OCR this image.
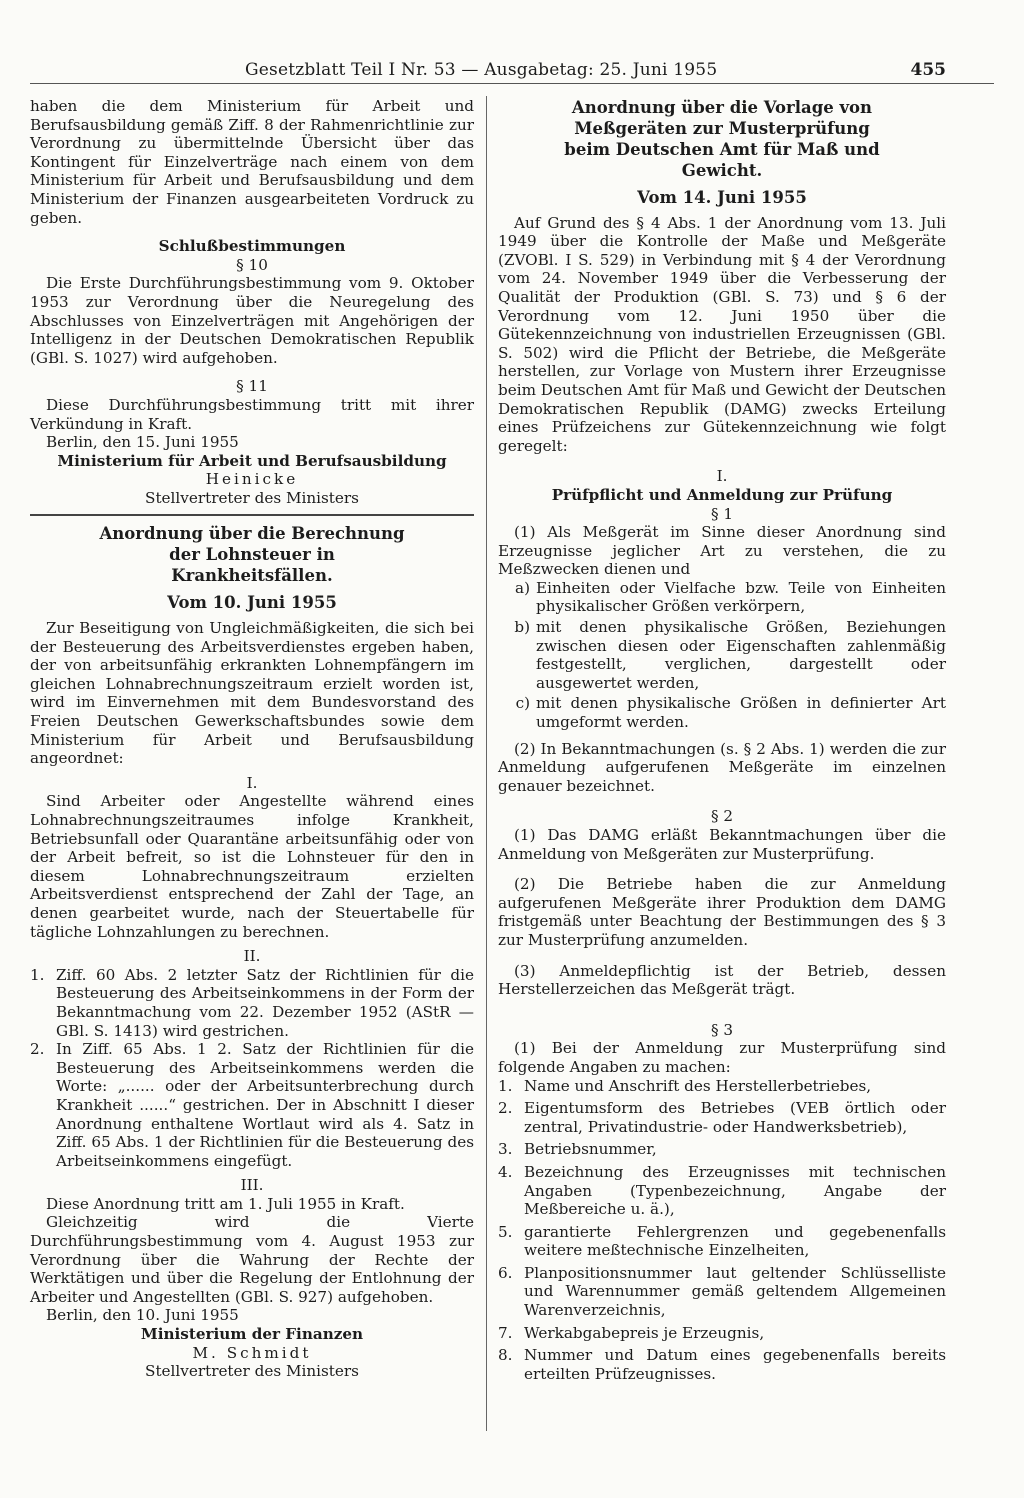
Gesetzblatt Teil I Nr. 53 — Ausgabetag: 25. Juni 1955	455

haben die dem Ministerium für Arbeit und Berufsausbildung gemäß Ziff. 8 der Rahmenrichtlinie zur Verordnung zu übermittelnde Übersicht über das Kontingent für Einzelverträge nach einem von dem Ministerium für Arbeit und Berufsausbildung und dem Ministerium der Finanzen ausgearbeiteten Vordruck zu geben.

Schlußbestimmungen
§ 10

Die Erste Durchführungsbestimmung vom 9. Oktober 1953 zur Verordnung über die Neuregelung des Abschlusses von Einzelverträgen mit Angehörigen der Intelligenz in der Deutschen Demokratischen Republik (GBl. S. 1027) wird aufgehoben.

§ 11

Diese Durchführungsbestimmung tritt mit ihrer Verkündung in Kraft.

Berlin, den 15. Juni 1955

Ministerium für Arbeit und Berufsausbildung
Heinicke
Stellvertreter des Ministers
Anordnung über die Berechnung der Lohnsteuer in Krankheitsfällen.
Vom 10. Juni 1955

Zur Beseitigung von Ungleichmäßigkeiten, die sich bei der Besteuerung des Arbeitsverdienstes ergeben haben, der von arbeitsunfähig erkrankten Lohnempfängern im gleichen Lohnabrechnungszeitraum erzielt worden ist, wird im Einvernehmen mit dem Bundesvorstand des Freien Deutschen Gewerkschaftsbundes sowie dem Ministerium für Arbeit und Berufsausbildung angeordnet:

I.

Sind Arbeiter oder Angestellte während eines Lohnabrechnungszeitraumes infolge Krankheit, Betriebsunfall oder Quarantäne arbeitsunfähig oder von der Arbeit befreit, so ist die Lohnsteuer für den in diesem Lohnabrechnungszeitraum erzielten Arbeitsverdienst entsprechend der Zahl der Tage, an denen gearbeitet wurde, nach der Steuertabelle für tägliche Lohnzahlungen zu berechnen.

II.
1. Ziff. 60 Abs. 2 letzter Satz der Richtlinien für die Besteuerung des Arbeitseinkommens in der Form der Bekanntmachung vom 22. Dezember 1952 (AStR — GBl. S. 1413) wird gestrichen.
2. In Ziff. 65 Abs. 1 2. Satz der Richtlinien für die Besteuerung des Arbeitseinkommens werden die Worte: „...... oder der Arbeitsunterbrechung durch Krankheit ......“ gestrichen. Der in Abschnitt I dieser Anordnung enthaltene Wortlaut wird als 4. Satz in Ziff. 65 Abs. 1 der Richtlinien für die Besteuerung des Arbeitseinkommens eingefügt.
III.

Diese Anordnung tritt am 1. Juli 1955 in Kraft.

Gleichzeitig wird die Vierte Durchführungsbestimmung vom 4. August 1953 zur Verordnung über die Wahrung der Rechte der Werktätigen und über die Regelung der Entlohnung der Arbeiter und Angestellten (GBl. S. 927) aufgehoben.

Berlin, den 10. Juni 1955

Ministerium der Finanzen
M. Schmidt
Stellvertreter des Ministers
Anordnung über die Vorlage von Meßgeräten zur Musterprüfung beim Deutschen Amt für Maß und Gewicht.
Vom 14. Juni 1955

Auf Grund des § 4 Abs. 1 der Anordnung vom 13. Juli 1949 über die Kontrolle der Maße und Meßgeräte (ZVOBl. I S. 529) in Verbindung mit § 4 der Verordnung vom 24. November 1949 über die Verbesserung der Qualität der Produktion (GBl. S. 73) und § 6 der Verordnung vom 12. Juni 1950 über die Gütekennzeichnung von industriellen Erzeugnissen (GBl. S. 502) wird die Pflicht der Betriebe, die Meßgeräte herstellen, zur Vorlage von Mustern ihrer Erzeugnisse beim Deutschen Amt für Maß und Gewicht der Deutschen Demokratischen Republik (DAMG) zwecks Erteilung eines Prüfzeichens zur Gütekennzeichnung wie folgt geregelt:

I.
Prüfpflicht und Anmeldung zur Prüfung
§ 1

(1) Als Meßgerät im Sinne dieser Anordnung sind Erzeugnisse jeglicher Art zu verstehen, die zu Meßzwecken dienen und

a) Einheiten oder Vielfache bzw. Teile von Einheiten physikalischer Größen verkörpern,
b) mit denen physikalische Größen, Beziehungen zwischen diesen oder Eigenschaften zahlenmäßig festgestellt, verglichen, dargestellt oder ausgewertet werden,
c) mit denen physikalische Größen in definierter Art umgeformt werden.

(2) In Bekanntmachungen (s. § 2 Abs. 1) werden die zur Anmeldung aufgerufenen Meßgeräte im einzelnen genauer bezeichnet.

§ 2

(1) Das DAMG erläßt Bekanntmachungen über die Anmeldung von Meßgeräten zur Musterprüfung.

(2) Die Betriebe haben die zur Anmeldung aufgerufenen Meßgeräte ihrer Produktion dem DAMG fristgemäß unter Beachtung der Bestimmungen des § 3 zur Musterprüfung anzumelden.

(3) Anmeldepflichtig ist der Betrieb, dessen Herstellerzeichen das Meßgerät trägt.

§ 3

(1) Bei der Anmeldung zur Musterprüfung sind folgende Angaben zu machen:

1. Name und Anschrift des Herstellerbetriebes,
2. Eigentumsform des Betriebes (VEB örtlich oder zentral, Privatindustrie- oder Handwerksbetrieb),
3. Betriebsnummer,
4. Bezeichnung des Erzeugnisses mit technischen Angaben (Typenbezeichnung, Angabe der Meßbereiche u. ä.),
5. garantierte Fehlergrenzen und gegebenenfalls weitere meßtechnische Einzelheiten,
6. Planpositionsnummer laut geltender Schlüsselliste und Warennummer gemäß geltendem Allgemeinen Warenverzeichnis,
7. Werkabgabepreis je Erzeugnis,
8. Nummer und Datum eines gegebenenfalls bereits erteilten Prüfzeugnisses.
